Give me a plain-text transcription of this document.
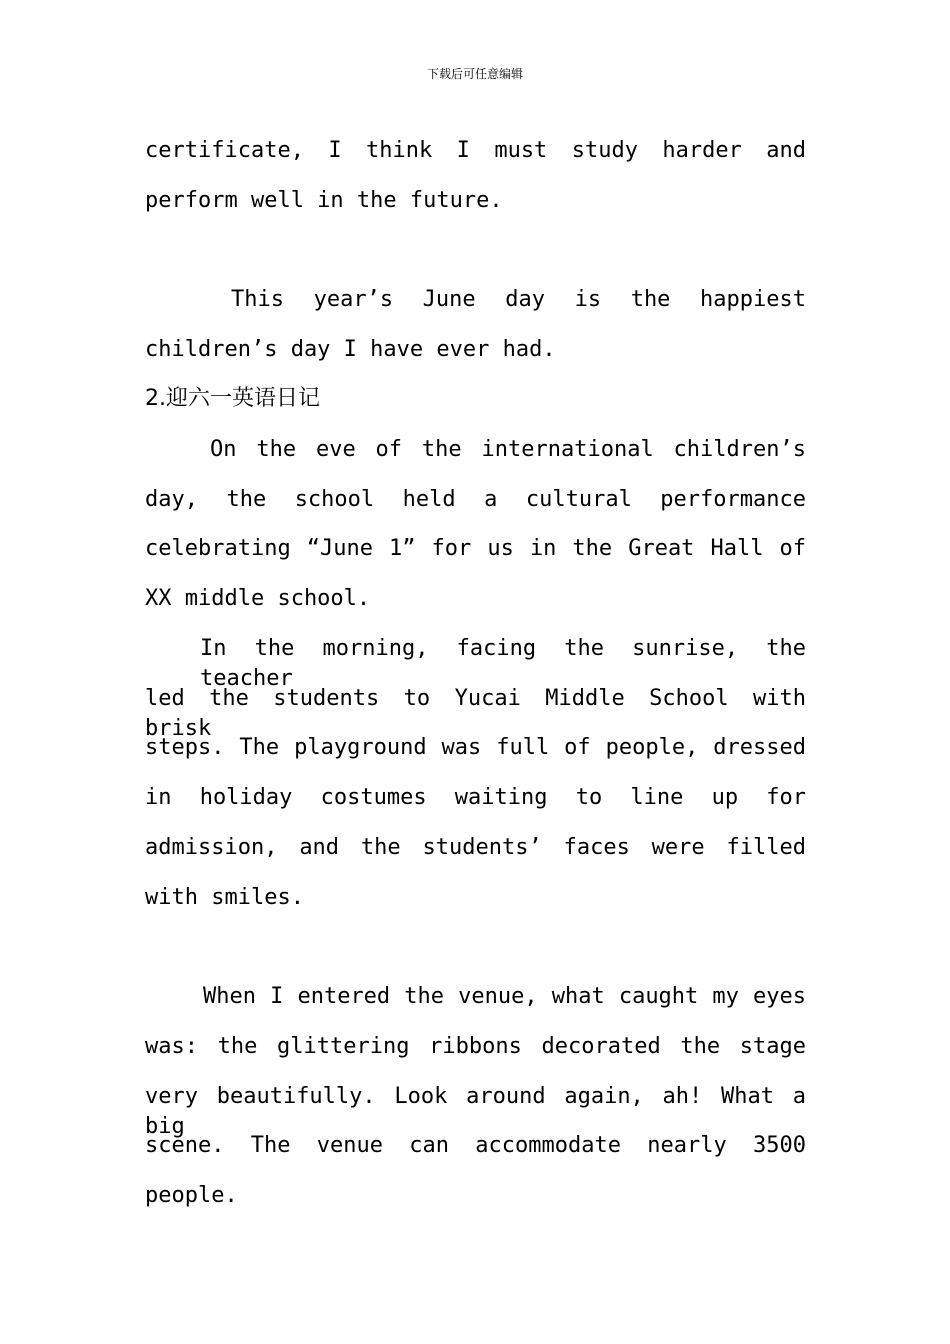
下载后可任意编辑
certificate, I think I must study harder and
perform well in the future.
This year’s June day is the happiest
children’s day I have ever had.
2.迎六一英语日记
On the eve of the international children’s
day, the school held a cultural performance
celebrating “June 1” for us in the Great Hall of
XX middle school.
In the morning, facing the sunrise, the teacher
led the students to Yucai Middle School with brisk
steps. The playground was full of people, dressed
in holiday costumes waiting to line up for
admission, and the students’ faces were filled
with smiles.
When I entered the venue, what caught my eyes
was: the glittering ribbons decorated the stage
very beautifully. Look around again, ah! What a big
scene. The venue can accommodate nearly 3500
people.
